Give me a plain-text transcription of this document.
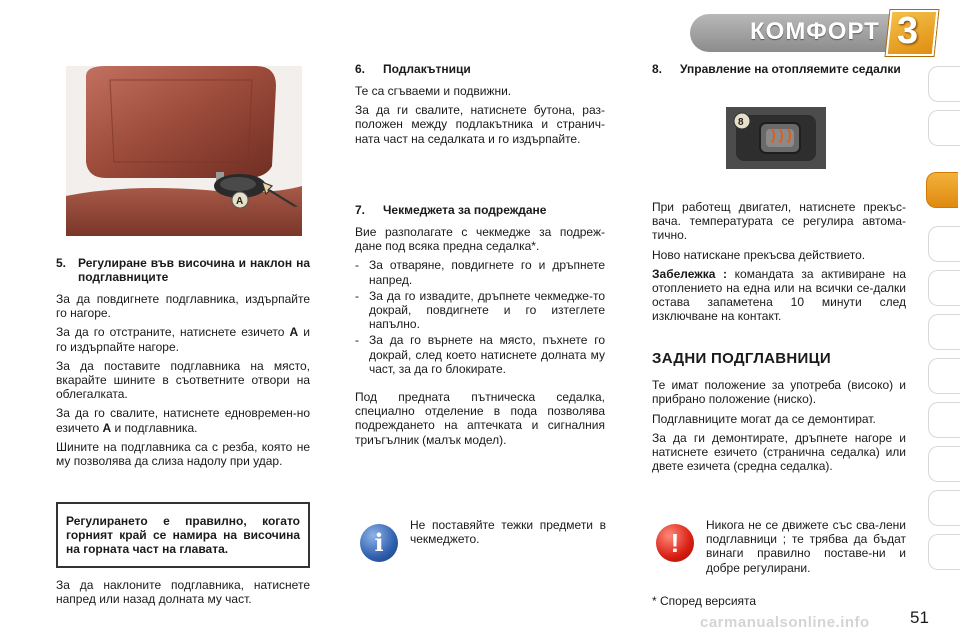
КОМФОРТ 3
A
5. Регулиране във височина и наклон на подглавниците

За да повдигнете подглавника, издърпайте го нагоре.

За да го отстраните, натиснете езичето A и го издърпайте нагоре.

За да поставите подглавника на място, вкарайте шините в съответните отвори на облегалката.

За да го свалите, натиснете едновремен-но езичето A и подглавника.

Шините на подглавника са с резба, която не му позволява да слиза надолу при удар.

Регулирането е правилно, когато горният край се намира на височина на горната част на главата.
За да наклоните подглавника, натиснете напред или назад долната му част.
6.	Подлакътници

Те са сгъваеми и подвижни.

За да ги свалите, натиснете бутона, раз-положен между подлакътника и странич-ната част на седалката и го издърпайте.

7.	Чекмеджета за подреждане

Вие разполагате с чекмедже за подреж-дане под всяка предна седалка*.

- За отваряне, повдигнете го и дръпнете напред.
- За да го извадите, дръпнете чекмедже-то докрай, повдигнете и го изтеглете напълно.
- За да го върнете на място, пъхнете го докрай, след което натиснете долната му част, за да го блокирате.

Под предната пътническа седалка, специално отделение в пода позволява подреждането на аптечката и сигналния триъгълник (малък модел).

i
Не поставяйте тежки предмети в чекмеджето.
8.	Управление на отопляемите седалки
8

При работещ двигател, натиснете прекъс-вача. температурата се регулира автома-тично.

Ново натискане прекъсва действието.

Забележка : командата за активиране на отоплението на една или на всички се-далки остава запаметена 10 минути след изключване на контакт.

ЗАДНИ ПОДГЛАВНИЦИ

Те имат положение за употреба (високо) и прибрано положение (ниско).

Подглавниците могат да се демонтират.

За да ги демонтирате, дръпнете нагоре и натиснете езичето (странична седалка) или двете езичета (средна седалка).

!
Никога не се движете със сва-лени подглавници ; те трябва да бъдат винаги правилно поставе-ни и добре регулирани.
* Според версията
carmanualsonline.info 51
